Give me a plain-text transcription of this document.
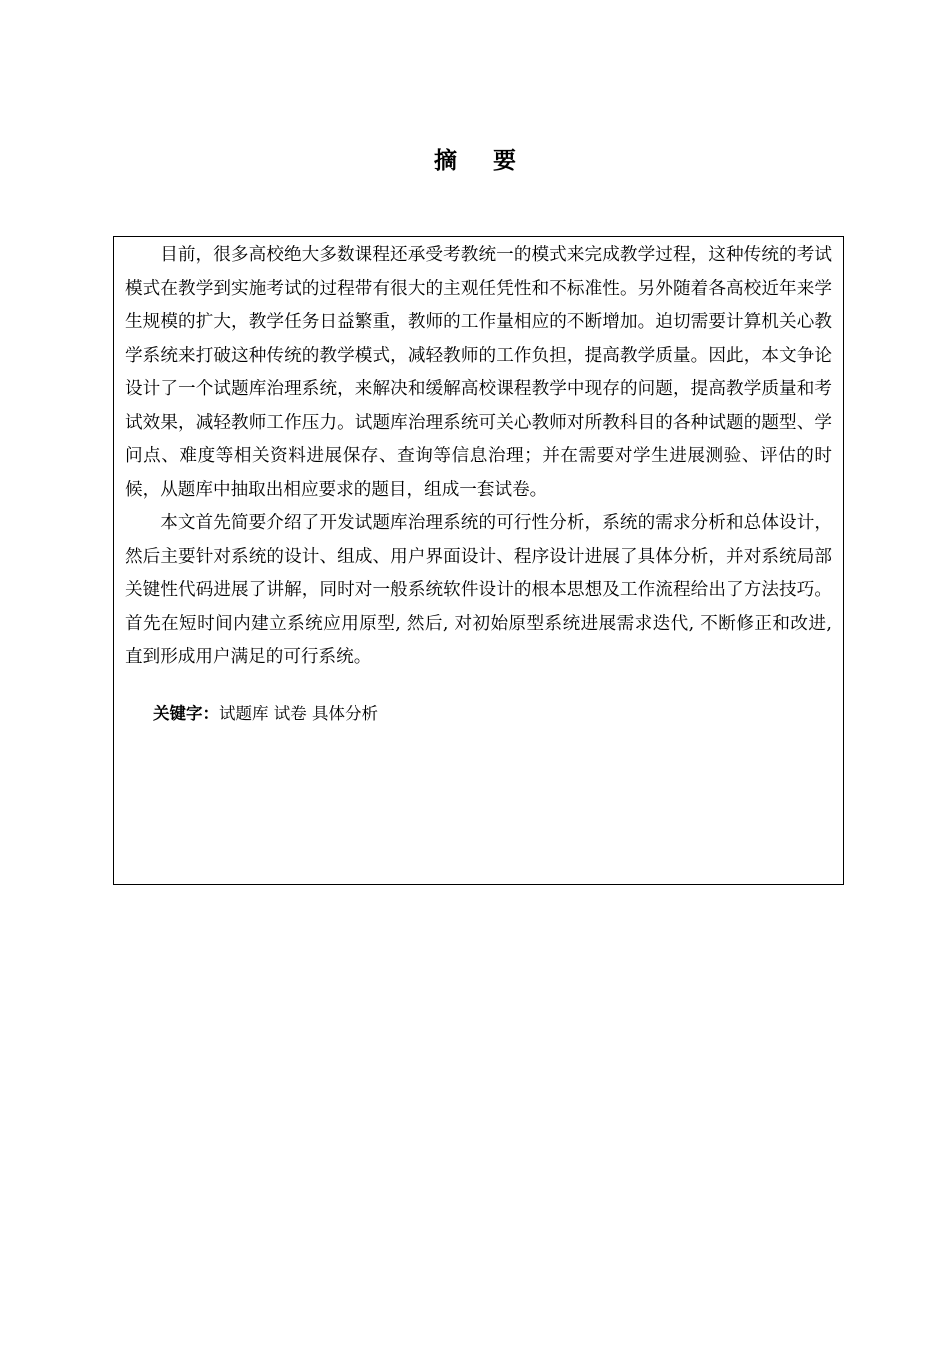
摘要

目前，很多高校绝大多数课程还承受考教统一的模式来完成教学过程，这种传统的考试模式在教学到实施考试的过程带有很大的主观任凭性和不标准性。另外随着各高校近年来学生规模的扩大，教学任务日益繁重，教师的工作量相应的不断增加。迫切需要计算机关心教学系统来打破这种传统的教学模式，减轻教师的工作负担，提高教学质量。因此，本文争论设计了一个试题库治理系统，来解决和缓解高校课程教学中现存的问题，提高教学质量和考试效果，减轻教师工作压力。试题库治理系统可关心教师对所教科目的各种试题的题型、学问点、难度等相关资料进展保存、查询等信息治理；并在需要对学生进展测验、评估的时候，从题库中抽取出相应要求的题目，组成一套试卷。

本文首先简要介绍了开发试题库治理系统的可行性分析，系统的需求分析和总体设计，然后主要针对系统的设计、组成、用户界面设计、程序设计进展了具体分析，并对系统局部关键性代码进展了讲解，同时对一般系统软件设计的根本思想及工作流程给出了方法技巧。首先在短时间内建立系统应用原型, 然后, 对初始原型系统进展需求迭代, 不断修正和改进, 直到形成用户满足的可行系统。

关键字：试题库 试卷 具体分析
